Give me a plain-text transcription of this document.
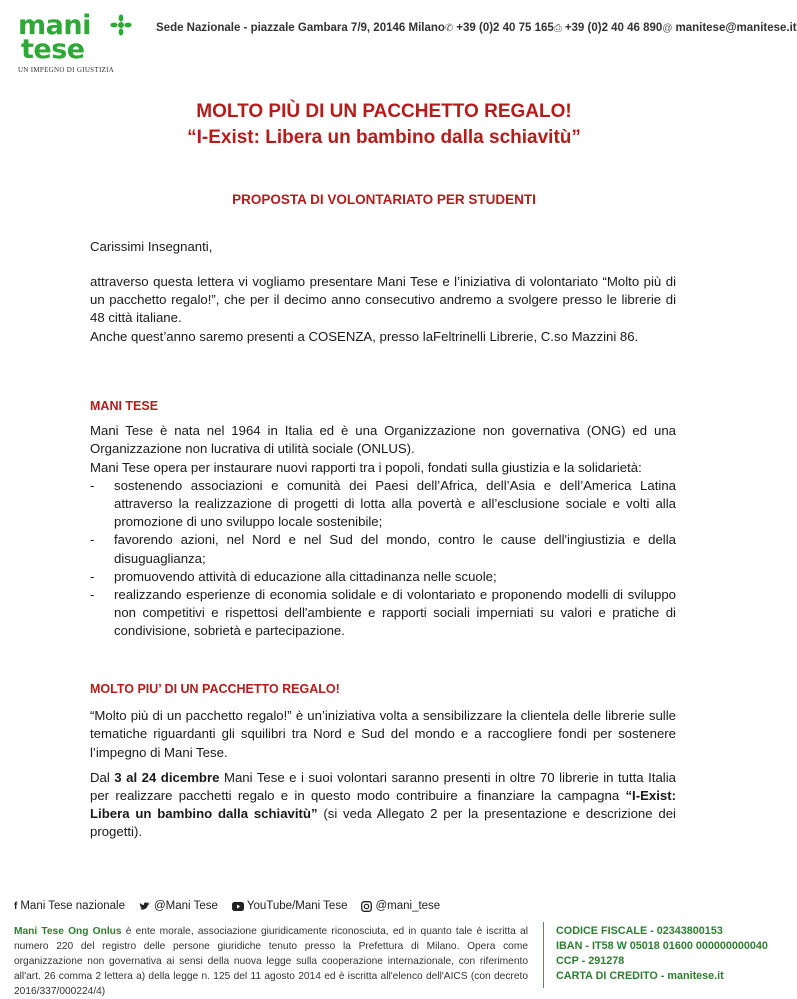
mani
tese
UN IMPEGNO DI GIUSTIZIA
Sede Nazionale - piazzale Gambara 7/9, 20146 Milano ✆ +39 (0)2 40 75 165 ⎙ +39 (0)2 40 46 890 @ manitese@manitese.it
MOLTO PIÙ DI UN PACCHETTO REGALO!
“I-Exist: Libera un bambino dalla schiavitù”
PROPOSTA DI VOLONTARIATO PER STUDENTI

Carissimi Insegnanti,

attraverso questa lettera vi vogliamo presentare Mani Tese e l’iniziativa di volontariato “Molto più di un pacchetto regalo!”, che per il decimo anno consecutivo andremo a svolgere presso le librerie di 48 città italiane.

Anche quest’anno saremo presenti a COSENZA, presso laFeltrinelli Librerie, C.so Mazzini 86.

MANI TESE

Mani Tese è nata nel 1964 in Italia ed è una Organizzazione non governativa (ONG) ed una Organizzazione non lucrativa di utilità sociale (ONLUS).

Mani Tese opera per instaurare nuovi rapporti tra i popoli, fondati sulla giustizia e la solidarietà:

- sostenendo associazioni e comunità dei Paesi dell’Africa, dell’Asia e dell’America Latina attraverso la realizzazione di progetti di lotta alla povertà e all’esclusione sociale e volti alla promozione di uno sviluppo locale sostenibile;
- favorendo azioni, nel Nord e nel Sud del mondo, contro le cause dell'ingiustizia e della disuguaglianza;
- promuovendo attività di educazione alla cittadinanza nelle scuole;
- realizzando esperienze di economia solidale e di volontariato e proponendo modelli di sviluppo non competitivi e rispettosi dell'ambiente e rapporti sociali imperniati su valori e pratiche di condivisione, sobrietà e partecipazione.

MOLTO PIU’ DI UN PACCHETTO REGALO!

“Molto più di un pacchetto regalo!” è un’iniziativa volta a sensibilizzare la clientela delle librerie sulle tematiche riguardanti gli squilibri tra Nord e Sud del mondo e a raccogliere fondi per sostenere l’impegno di Mani Tese.

Dal 3 al 24 dicembre Mani Tese e i suoi volontari saranno presenti in oltre 70 librerie in tutta Italia per realizzare pacchetti regalo e in questo modo contribuire a finanziare la campagna “I-Exist: Libera un bambino dalla schiavitù” (si veda Allegato 2 per la presentazione e descrizione dei progetti).

f Mani Tese nazionale	@Mani Tese	YouTube/Mani Tese @mani_tese
Mani Tese Ong Onlus è ente morale, associazione giuridicamente riconosciuta, ed in quanto tale è iscritta al numero 220 del registro delle persone giuridiche tenuto presso la Prefettura di Milano. Opera come organizzazione non governativa ai sensi della nuova legge sulla cooperazione internazionale, con riferimento all'art. 26 comma 2 lettera a) della legge n. 125 del 11 agosto 2014 ed è iscritta all'elenco dell'AICS (con decreto 2016/337/000224/4)
CODICE FISCALE - 02343800153
IBAN - IT58 W 05018 01600 000000000040
CCP - 291278
CARTA DI CREDITO - manitese.it
